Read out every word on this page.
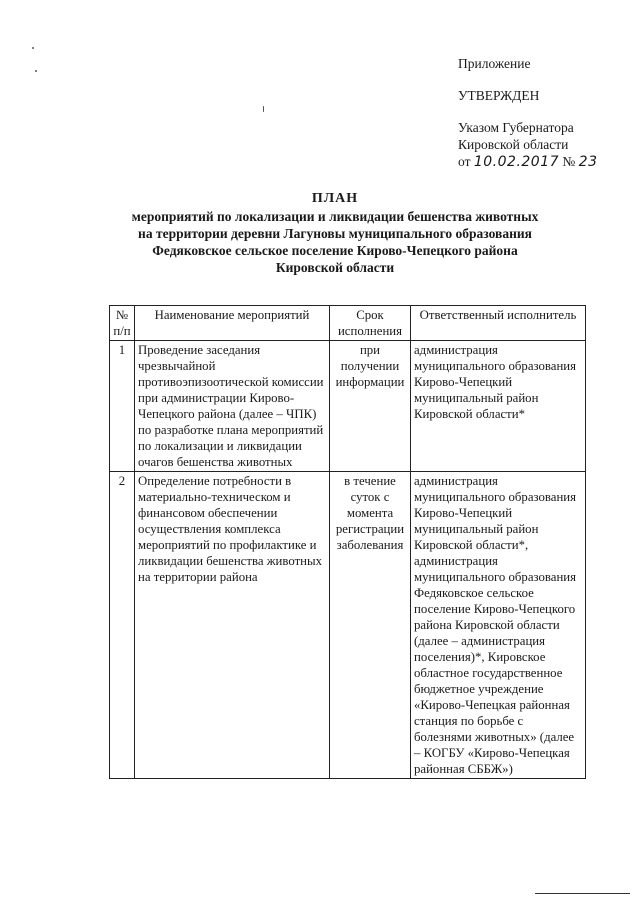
Приложение
УТВЕРЖДЕН
Указом Губернатора
Кировской области
от 10.02.2017 № 23
ПЛАН
мероприятий по локализации и ликвидации бешенства животных
на территории деревни Лагуновы муниципального образования
Федяковское сельское поселение Кирово-Чепецкого района
Кировской области
№ п/п	Наименование мероприятий	Срок исполнения	Ответственный исполнитель
1	Проведение заседания чрезвычайной противоэпизоотической комиссии при администрации Кирово-Чепецкого района (далее – ЧПК) по разработке плана мероприятий по локализации и ликвидации очагов бешенства животных	при получении информации	администрация муниципального образования Кирово-Чепецкий муниципальный район Кировской области*
2	Определение потребности в материально-техническом и финансовом обеспечении осуществления комплекса мероприятий по профилактике и ликвидации бешенства животных на территории района	в течение суток с момента регистрации заболевания	администрация муниципального образования Кирово-Чепецкий муниципальный район Кировской области*, администрация муниципального образования Федяковское сельское поселение Кирово-Чепецкого района Кировской области (далее – администрация поселения)*, Кировское областное государственное бюджетное учреждение «Кирово-Чепецкая районная станция по борьбе с болезнями животных» (далее – КОГБУ «Кирово-Чепецкая районная СББЖ»)
